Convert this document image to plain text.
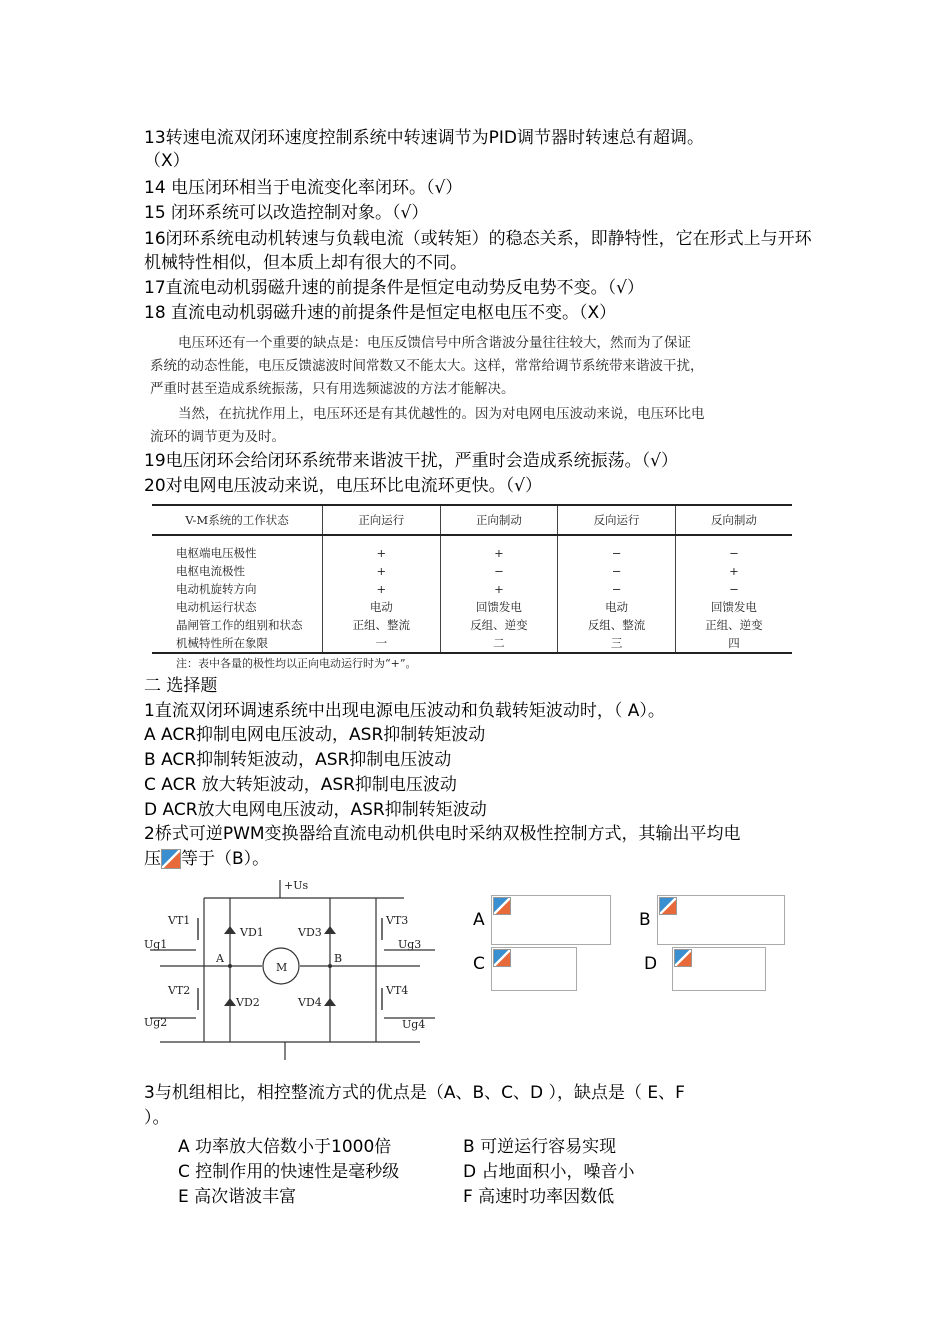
13转速电流双闭环速度控制系统中转速调节为PID调节器时转速总有超调。
（X）
14 电压闭环相当于电流变化率闭环。（√）
15 闭环系统可以改造控制对象。（√）
16闭环系统电动机转速与负载电流（或转矩）的稳态关系，即静特性，它在形式上与开环
机械特性相似，但本质上却有很大的不同。
17直流电动机弱磁升速的前提条件是恒定电动势反电势不变。（√）
18 直流电动机弱磁升速的前提条件是恒定电枢电压不变。（X）
电压环还有一个重要的缺点是：电压反馈信号中所含谐波分量往往较大，然而为了保证
系统的动态性能，电压反馈滤波时间常数又不能太大。这样，常常给调节系统带来谐波干扰，
严重时甚至造成系统振荡，只有用选频滤波的方法才能解决。
当然，在抗扰作用上，电压环还是有其优越性的。因为对电网电压波动来说，电压环比电
流环的调节更为及时。
19电压闭环会给闭环系统带来谐波干扰，严重时会造成系统振荡。（√）
20对电网电压波动来说，电压环比电流环更快。（√）
V-M系统的工作状态	正向运行	正向制动	反向运行	反向制动

电枢端电压极性	+	+	−	−
电枢电流极性	+	−	−	+
电动机旋转方向	+	+	−	−
电动机运行状态	电动	回馈发电	电动	回馈发电
晶闸管工作的组别和状态	正组、整流	反组、逆变	反组、整流	正组、逆变
机械特性所在象限	一	二	三	四
注：表中各量的极性均以正向电动运行时为“+”。
二 选择题
1直流双闭环调速系统中出现电源电压波动和负载转矩波动时，（ A）。
A ACR抑制电网电压波动，ASR抑制转矩波动
B ACR抑制转矩波动，ASR抑制电压波动
C ACR 放大转矩波动，ASR抑制电压波动
D ACR放大电网电压波动，ASR抑制转矩波动
2桥式可逆PWM变换器给直流电动机供电时采纳双极性控制方式，其输出平均电
压 等于（B）。
+Us
VT1
VD1	VD3
VT3
Ug1	Ug3
A	B
M
VT2
VD2	VD4
VT4
Ug2	Ug4
A	B
C	D
3与机组相比，相控整流方式的优点是（A、B、C、D ），缺点是（ E、F
）。
A 功率放大倍数小于1000倍	B 可逆运行容易实现
C 控制作用的快速性是毫秒级	D 占地面积小，噪音小
E 高次谐波丰富	F 高速时功率因数低
